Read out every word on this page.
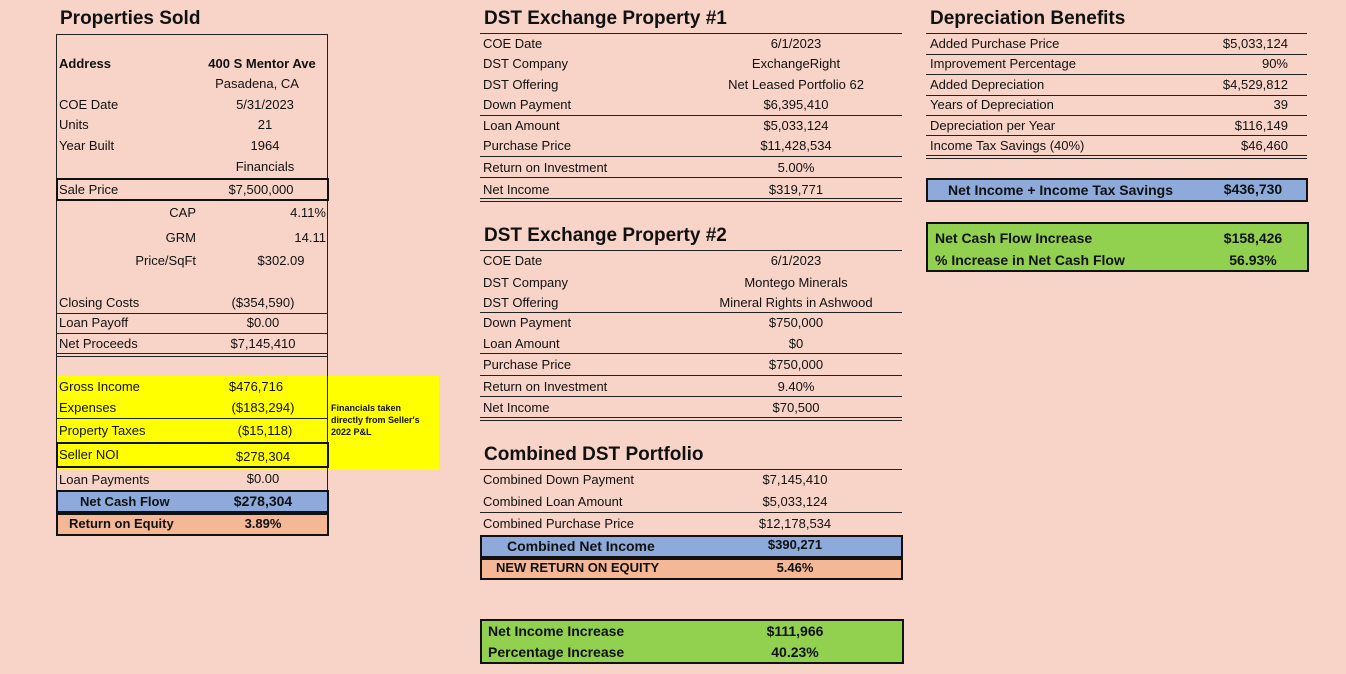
Properties Sold
Address	400 S Mentor Ave
Pasadena, CA
COE Date	5/31/2023
Units	21
Year Built	1964
Financials
Sale Price	$7,500,000
CAP	4.11%
GRM	14.11
Price/SqFt	$302.09
Closing Costs	($354,590)
Loan Payoff	$0.00
Net Proceeds	$7,145,410
Gross Income	$476,716
Expenses	($183,294)
Property Taxes	($15,118)
Financials taken directly from Seller's 2022 P&L
Seller NOI	$278,304
Loan Payments	$0.00
Net Cash Flow	$278,304
Return on Equity	3.89%
DST Exchange Property #1
COE Date	6/1/2023
DST Company	ExchangeRight
DST Offering	Net Leased Portfolio 62
Down Payment	$6,395,410
Loan Amount	$5,033,124
Purchase Price	$11,428,534
Return on Investment	5.00%
Net Income	$319,771
DST Exchange Property #2
COE Date	6/1/2023
DST Company	Montego Minerals
DST Offering	Mineral Rights in Ashwood
Down Payment	$750,000
Loan Amount	$0
Purchase Price	$750,000
Return on Investment	9.40%
Net Income	$70,500
Combined DST Portfolio
Combined Down Payment	$7,145,410
Combined Loan Amount	$5,033,124
Combined Purchase Price	$12,178,534
Combined Net Income	$390,271
NEW RETURN ON EQUITY	5.46%
Net Income Increase	$111,966
Percentage Increase	40.23%
Depreciation Benefits
Added Purchase Price	$5,033,124
Improvement Percentage	90%
Added Depreciation	$4,529,812
Years of Depreciation	39
Depreciation per Year	$116,149
Income Tax Savings (40%)	$46,460
Net Income + Income Tax Savings	$436,730
Net Cash Flow Increase	$158,426
% Increase in Net Cash Flow	56.93%
